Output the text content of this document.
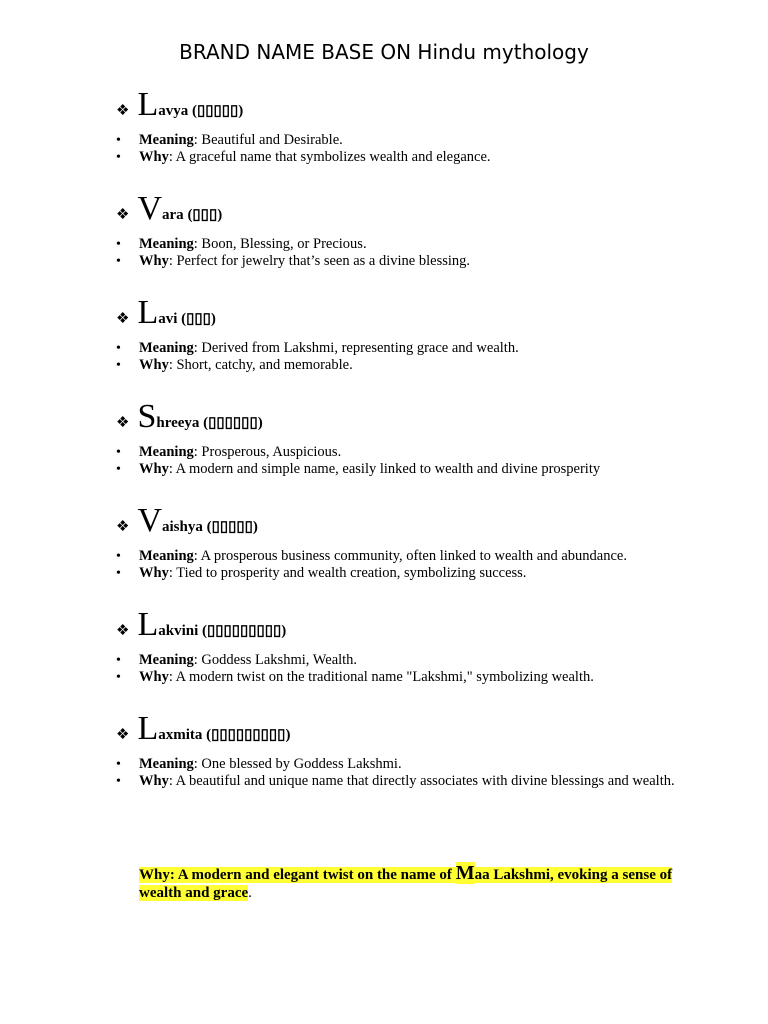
BRAND NAME BASE ON Hindu mythology
❖ L avya
(▯▯▯▯▯)
• Meaning: Beautiful and Desirable.
• Why: A graceful name that symbolizes wealth and elegance.
❖ V ara
(▯▯▯)
• Meaning: Boon, Blessing, or Precious.
• Why: Perfect for jewelry that’s seen as a divine blessing.
❖ L avi
(▯▯▯)
• Meaning: Derived from Lakshmi, representing grace and wealth.
• Why: Short, catchy, and memorable.
❖ S hreeya
(▯▯▯▯▯▯)
• Meaning: Prosperous, Auspicious.
• Why: A modern and simple name, easily linked to wealth and divine prosperity
❖ V aishya
(▯▯▯▯▯)
• Meaning: A prosperous business community, often linked to wealth and abundance.
• Why: Tied to prosperity and wealth creation, symbolizing success.
❖ L akvini
(▯▯▯▯▯▯▯▯▯)
• Meaning: Goddess Lakshmi, Wealth.
• Why: A modern twist on the traditional name "Lakshmi," symbolizing wealth.
❖ L axmita
(▯▯▯▯▯▯▯▯▯)
• Meaning: One blessed by Goddess Lakshmi.
• Why: A beautiful and unique name that directly associates with divine blessings and wealth.
Why: A modern and elegant twist on the name of Maa Lakshmi, evoking a sense of wealth and grace.
